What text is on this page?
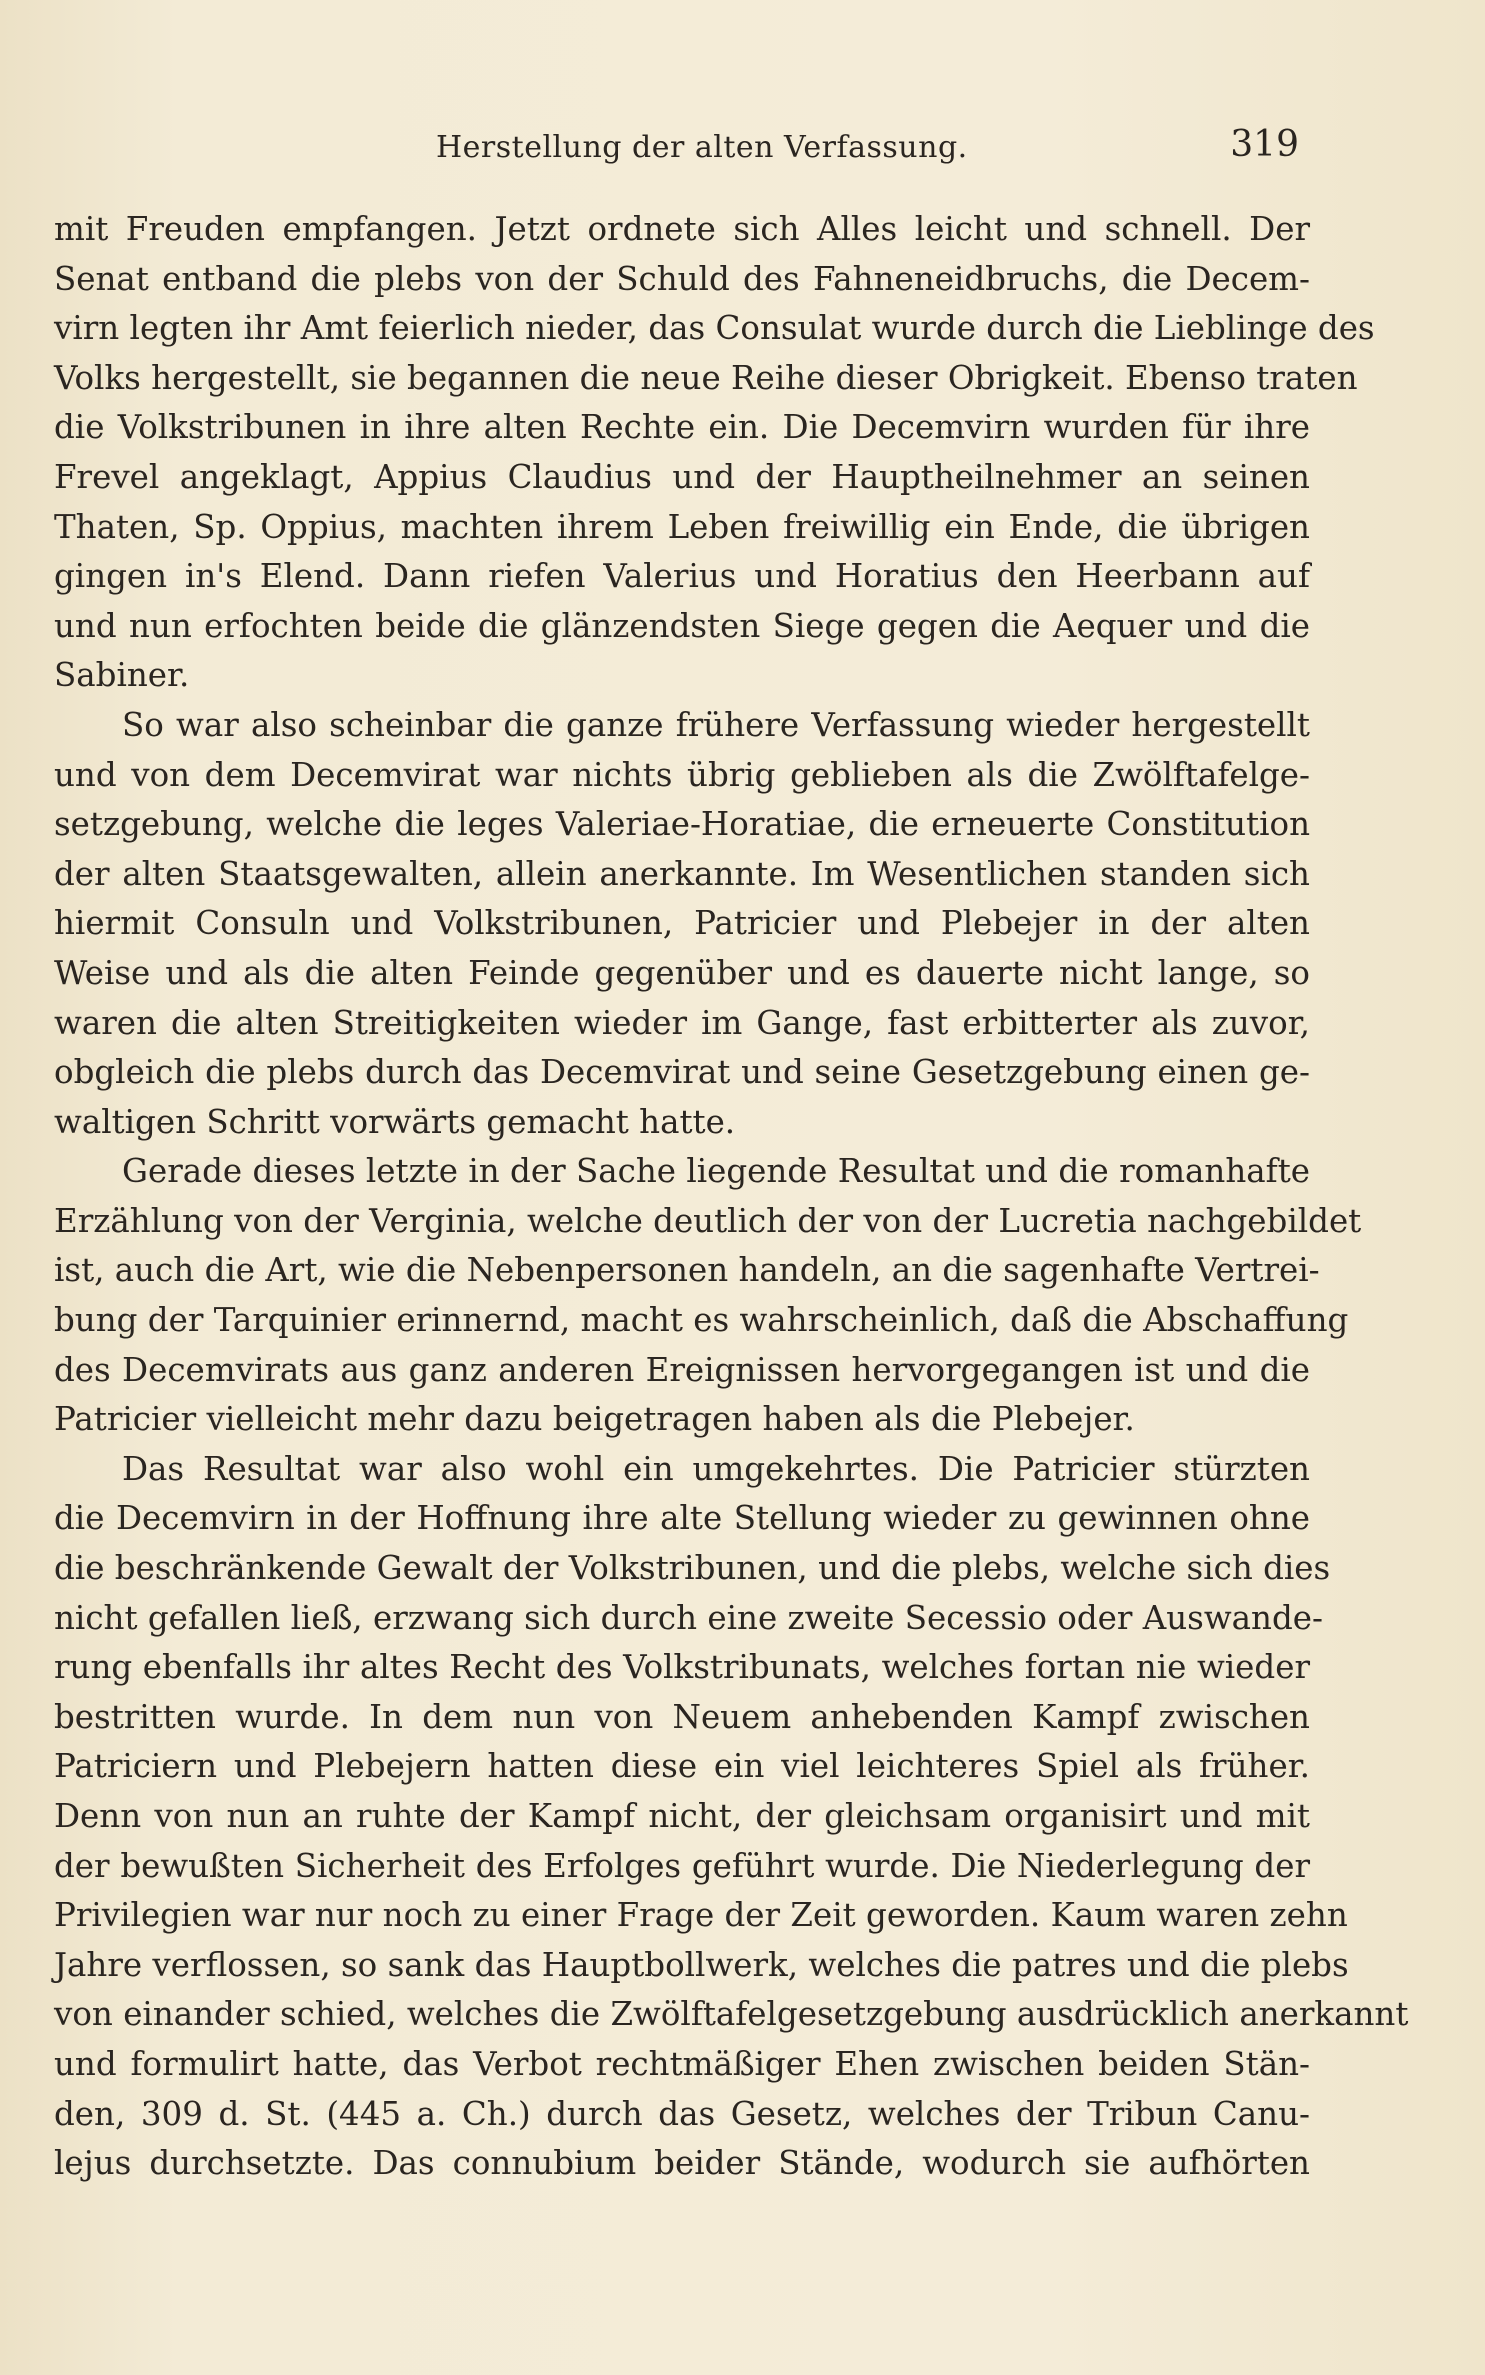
Herstellung der alten Verfassung.	319
mit Freuden empfangen. Jetzt ordnete sich Alles leicht und schnell. Der
Senat entband die plebs von der Schuld des Fahneneidbruchs, die Decem-
virn legten ihr Amt feierlich nieder, das Consulat wurde durch die Lieblinge des
Volks hergestellt, sie begannen die neue Reihe dieser Obrigkeit. Ebenso traten
die Volkstribunen in ihre alten Rechte ein. Die Decemvirn wurden für ihre
Frevel angeklagt, Appius Claudius und der Hauptheilnehmer an seinen
Thaten, Sp. Oppius, machten ihrem Leben freiwillig ein Ende, die übrigen
gingen in's Elend. Dann riefen Valerius und Horatius den Heerbann auf
und nun erfochten beide die glänzendsten Siege gegen die Aequer und die
Sabiner.
So war also scheinbar die ganze frühere Verfassung wieder hergestellt
und von dem Decemvirat war nichts übrig geblieben als die Zwölftafelge-
setzgebung, welche die leges Valeriae-Horatiae, die erneuerte Constitution
der alten Staatsgewalten, allein anerkannte. Im Wesentlichen standen sich
hiermit Consuln und Volkstribunen, Patricier und Plebejer in der alten
Weise und als die alten Feinde gegenüber und es dauerte nicht lange, so
waren die alten Streitigkeiten wieder im Gange, fast erbitterter als zuvor,
obgleich die plebs durch das Decemvirat und seine Gesetzgebung einen ge-
waltigen Schritt vorwärts gemacht hatte.
Gerade dieses letzte in der Sache liegende Resultat und die romanhafte
Erzählung von der Verginia, welche deutlich der von der Lucretia nachgebildet
ist, auch die Art, wie die Nebenpersonen handeln, an die sagenhafte Vertrei-
bung der Tarquinier erinnernd, macht es wahrscheinlich, daß die Abschaffung
des Decemvirats aus ganz anderen Ereignissen hervorgegangen ist und die
Patricier vielleicht mehr dazu beigetragen haben als die Plebejer.
Das Resultat war also wohl ein umgekehrtes. Die Patricier stürzten
die Decemvirn in der Hoffnung ihre alte Stellung wieder zu gewinnen ohne
die beschränkende Gewalt der Volkstribunen, und die plebs, welche sich dies
nicht gefallen ließ, erzwang sich durch eine zweite Secessio oder Auswande-
rung ebenfalls ihr altes Recht des Volkstribunats, welches fortan nie wieder
bestritten wurde. In dem nun von Neuem anhebenden Kampf zwischen
Patriciern und Plebejern hatten diese ein viel leichteres Spiel als früher.
Denn von nun an ruhte der Kampf nicht, der gleichsam organisirt und mit
der bewußten Sicherheit des Erfolges geführt wurde. Die Niederlegung der
Privilegien war nur noch zu einer Frage der Zeit geworden. Kaum waren zehn
Jahre verflossen, so sank das Hauptbollwerk, welches die patres und die plebs
von einander schied, welches die Zwölftafelgesetzgebung ausdrücklich anerkannt
und formulirt hatte, das Verbot rechtmäßiger Ehen zwischen beiden Stän-
den, 309 d. St. (445 a. Ch.) durch das Gesetz, welches der Tribun Canu-
lejus durchsetzte. Das connubium beider Stände, wodurch sie aufhörten
